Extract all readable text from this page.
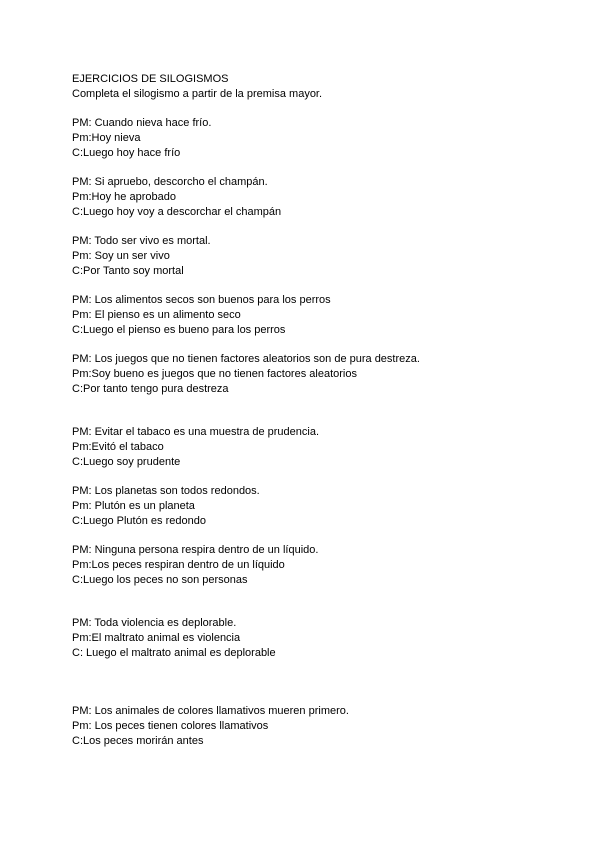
EJERCICIOS DE SILOGISMOS
Completa el silogismo a partir de la premisa mayor.
PM: Cuando nieva hace frío.
Pm:Hoy nieva
C:Luego hoy hace frío
PM: Si apruebo, descorcho el champán.
Pm:Hoy he aprobado
C:Luego hoy voy a descorchar el champán
PM: Todo ser vivo es mortal.
Pm: Soy un ser vivo
C:Por Tanto soy mortal
PM: Los alimentos secos son buenos para los perros
Pm: El pienso es un alimento seco
C:Luego el pienso es bueno para los perros
PM: Los juegos que no tienen factores aleatorios son de pura destreza.
Pm:Soy bueno es juegos que no tienen factores aleatorios
C:Por tanto tengo pura destreza
PM: Evitar el tabaco es una muestra de prudencia.
Pm:Evitó el tabaco
C:Luego soy prudente
PM: Los planetas son todos redondos.
Pm: Plutón es un planeta
C:Luego Plutón es redondo
PM: Ninguna persona respira dentro de un líquido.
Pm:Los peces respiran dentro de un líquido
C:Luego los peces no son personas
PM: Toda violencia es deplorable.
Pm:El maltrato animal es violencia
C: Luego el maltrato animal es deplorable
PM: Los animales de colores llamativos mueren primero.
Pm: Los peces tienen colores llamativos
C:Los peces morirán antes
